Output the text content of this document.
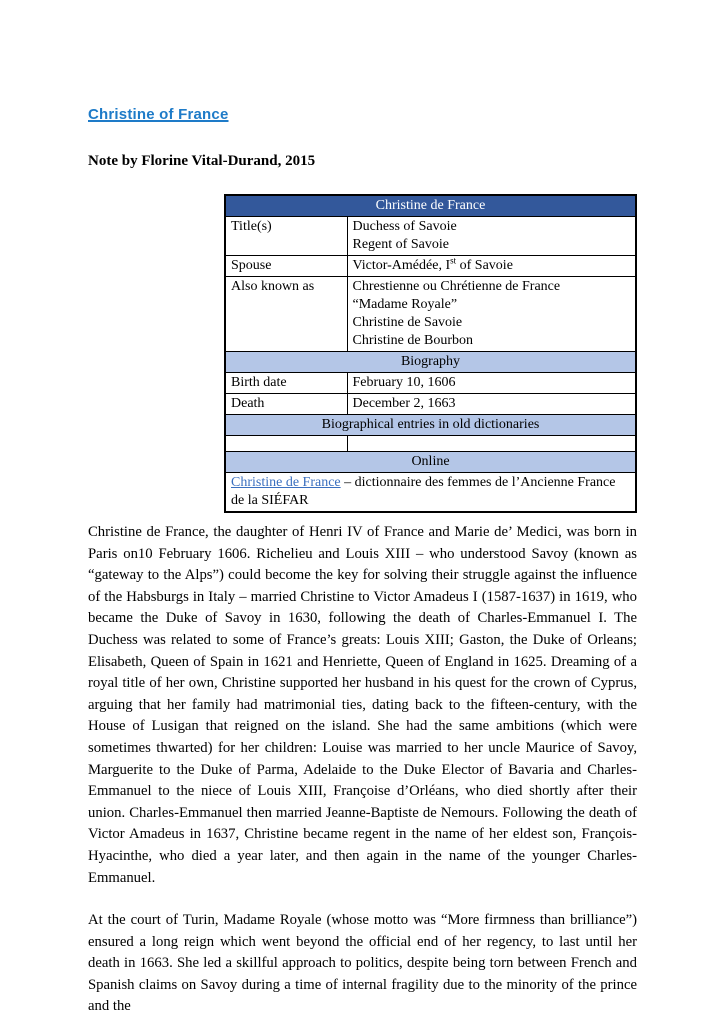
Christine of France
Note by Florine Vital-Durand, 2015
Christine de France	
Title(s)	Duchess of Savoie
Regent of Savoie

Spouse	Victor-Amédée, Ist of Savoie
Also known as	Chrestienne ou Chrétienne de France
“Madame Royale”
Christine de Savoie
Christine de Bourbon

Biography	
Birth date	February 10, 1606
Death	December 2, 1663
Biographical entries in old dictionaries	

Online	
Christine de France – dictionnaire des femmes de l’Ancienne France de la SIÉFAR	

Christine de France, the daughter of Henri IV of France and Marie de’ Medici, was born in Paris on10 February 1606. Richelieu and Louis XIII – who understood Savoy (known as “gateway to the Alps”) could become the key for solving their struggle against the influence of the Habsburgs in Italy – married Christine to Victor Amadeus I (1587-1637) in 1619, who became the Duke of Savoy in 1630, following the death of Charles-Emmanuel I. The Duchess was related to some of France’s greats: Louis XIII; Gaston, the Duke of Orleans; Elisabeth, Queen of Spain in 1621 and Henriette, Queen of England in 1625. Dreaming of a royal title of her own, Christine supported her husband in his quest for the crown of Cyprus, arguing that her family had matrimonial ties, dating back to the fifteen-century, with the House of Lusigan that reigned on the island. She had the same ambitions (which were sometimes thwarted) for her children: Louise was married to her uncle Maurice of Savoy, Marguerite to the Duke of Parma, Adelaide to the Duke Elector of Bavaria and Charles-Emmanuel to the niece of Louis XIII, Françoise d’Orléans, who died shortly after their union. Charles-Emmanuel then married Jeanne-Baptiste de Nemours. Following the death of Victor Amadeus in 1637, Christine became regent in the name of her eldest son, François-Hyacinthe, who died a year later, and then again in the name of the younger Charles-Emmanuel.

At the court of Turin, Madame Royale (whose motto was “More firmness than brilliance”) ensured a long reign which went beyond the official end of her regency, to last until her death in 1663. She led a skillful approach to politics, despite being torn between French and Spanish claims on Savoy during a time of internal fragility due to the minority of the prince and the
